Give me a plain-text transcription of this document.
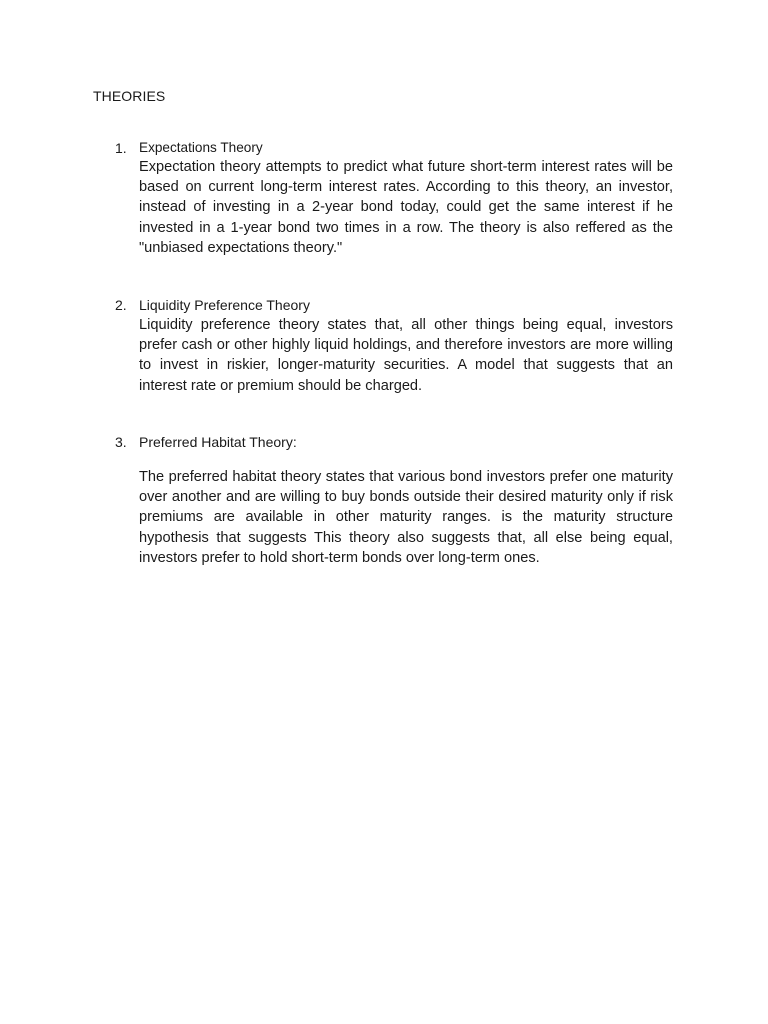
THEORIES
1. Expectations Theory
Expectation theory attempts to predict what future short-term interest rates will be based on current long-term interest rates. According to this theory, an investor, instead of investing in a 2-year bond today, could get the same interest if he invested in a 1-year bond two times in a row. The theory is also reffered as the "unbiased expectations theory."
2. Liquidity Preference Theory
Liquidity preference theory states that, all other things being equal, investors prefer cash or other highly liquid holdings, and therefore investors are more willing to invest in riskier, longer-maturity securities. A model that suggests that an interest rate or premium should be charged.
3. Preferred Habitat Theory:
The preferred habitat theory states that various bond investors prefer one maturity over another and are willing to buy bonds outside their desired maturity only if risk premiums are available in other maturity ranges. is the maturity structure hypothesis that suggests This theory also suggests that, all else being equal, investors prefer to hold short-term bonds over long-term ones.
